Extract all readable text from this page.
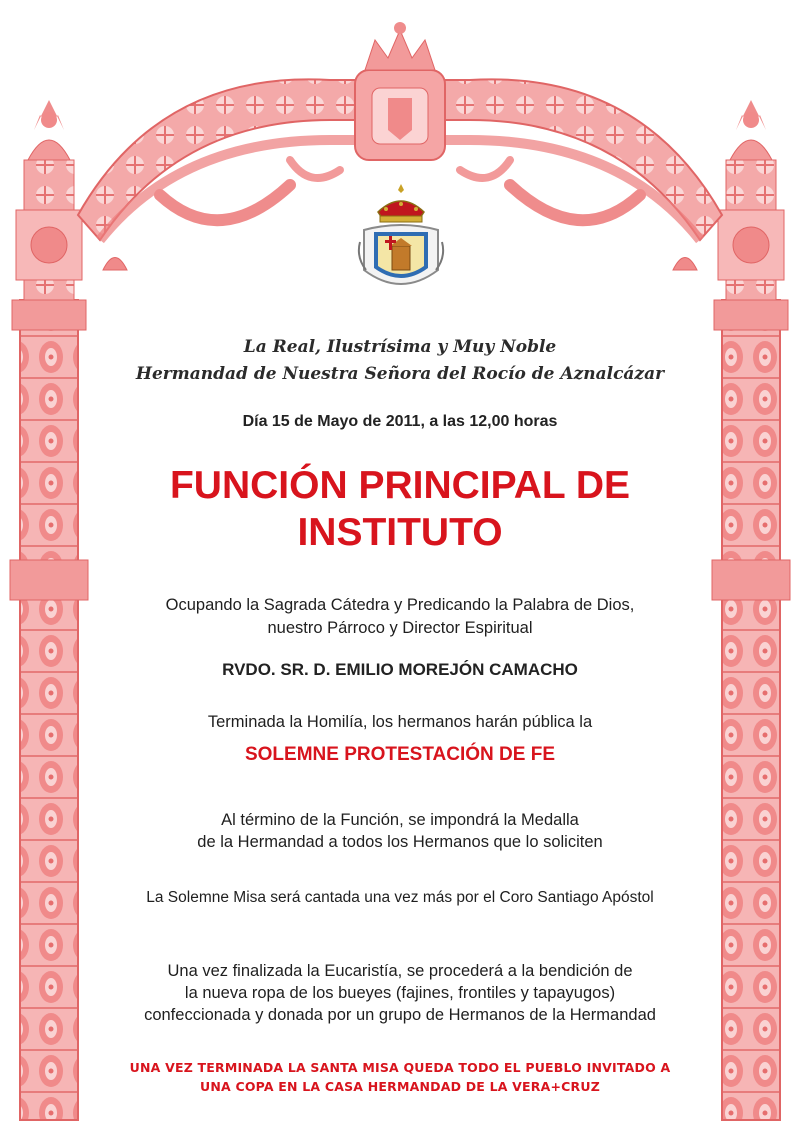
La Real, Ilustrísima y Muy Noble
Hermandad de Nuestra Señora del Rocío de Aznalcázar
Día 15 de Mayo de 2011, a las 12,00 horas
FUNCIÓN PRINCIPAL DE
INSTITUTO
Ocupando la Sagrada Cátedra y Predicando la Palabra de Dios,
nuestro Párroco y Director Espiritual
RVDO. SR. D. EMILIO MOREJÓN CAMACHO
Terminada la Homilía, los hermanos harán pública la
SOLEMNE PROTESTACIÓN DE FE
Al término de la Función, se impondrá la Medalla
de la Hermandad a todos los Hermanos que lo soliciten
La Solemne Misa será cantada una vez más por el Coro Santiago Apóstol
Una vez finalizada la Eucaristía, se procederá a la bendición de
la nueva ropa de los bueyes (fajines, frontiles y tapayugos)
confeccionada y donada por un grupo de Hermanos de la Hermandad
UNA VEZ TERMINADA LA SANTA MISA QUEDA TODO EL PUEBLO INVITADO A
UNA COPA EN LA CASA HERMANDAD DE LA VERA+CRUZ
